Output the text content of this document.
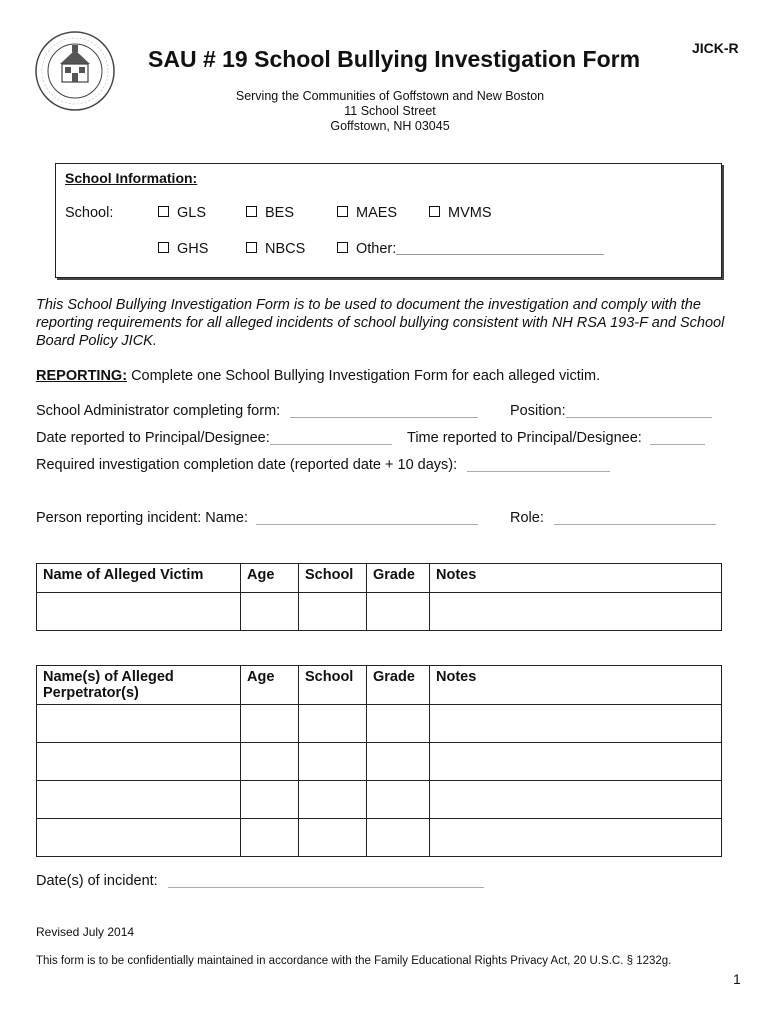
SAU # 19 School Bullying Investigation Form	JICK-R
Serving the Communities of Goffstown and New Boston
11 School Street
Goffstown, NH 03045
School Information:
School:	GLS	BES	MAES	MVMS
GHS	NBCS	Other:
This School Bullying Investigation Form is to be used to document the investigation and comply with the reporting requirements for all alleged incidents of school bullying consistent with NH RSA 193-F and School Board Policy JICK.
REPORTING: Complete one School Bullying Investigation Form for each alleged victim.
School Administrator completing form:	Position:
Date reported to Principal/Designee:	Time reported to Principal/Designee:
Required investigation completion date (reported date + 10 days):
Person reporting incident: Name:	Role:
Name of Alleged Victim	Age	School	Grade	Notes

Name(s) of Alleged Perpetrator(s)	Age	School	Grade	Notes

Date(s) of incident:
Revised July 2014
This form is to be confidentially maintained in accordance with the Family Educational Rights Privacy Act, 20 U.S.C. § 1232g.
1
